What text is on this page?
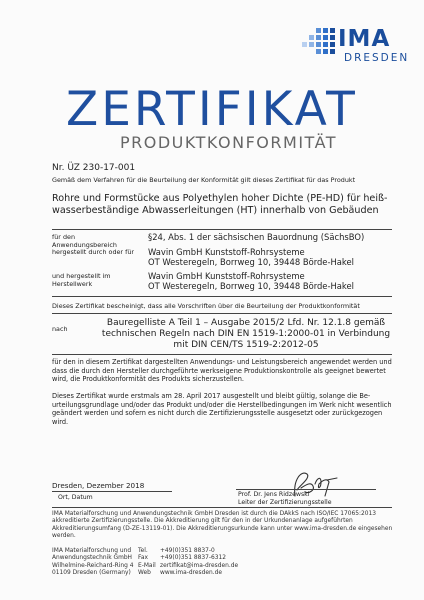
IMA
DRESDEN
ZERTIFIKAT
PRODUKTKONFORMITÄT
Nr. ÜZ 230-17-001
Gemäß dem Verfahren für die Beurteilung der Konformität gilt dieses Zertifikat für das Produkt
Rohre und Formstücke aus Polyethylen hoher Dichte (PE-HD) für heißwasserbeständige Abwasserleitungen (HT) innerhalb von Gebäuden
für den Anwendungsbereich
§24, Abs. 1 der sächsischen Bauordnung (SächsBO)
hergestellt durch oder für	Wavin GmbH Kunststoff-Rohrsysteme
OT Westeregeln, Borrweg 10, 39448 Börde-Hakel
und hergestellt im
Herstellwerk
Wavin GmbH Kunststoff-Rohrsysteme
OT Westeregeln, Borrweg 10, 39448 Börde-Hakel
Dieses Zertifikat bescheinigt, dass alle Vorschriften über die Beurteilung der Produktkonformität
nach
Bauregelliste A Teil 1 – Ausgabe 2015/2 Lfd. Nr. 12.1.8 gemäß technischen Regeln nach DIN EN 1519-1:2000-01 in Verbindung mit DIN CEN/TS 1519-2:2012-05
für den in diesem Zertifikat dargestellten Anwendungs- und Leistungsbereich angewendet werden und dass die durch den Hersteller durchgeführte werkseigene Produktionskontrolle als geeignet bewertet wird, die Produktkonformität des Produkts sicherzustellen.
Dieses Zertifikat wurde erstmals am 28. April 2017 ausgestellt und bleibt gültig, solange die Be-urteilungsgrundlage und/oder das Produkt und/oder die Herstellbedingungen im Werk nicht wesentlich geändert werden und sofern es nicht durch die Zertifizierungsstelle ausgesetzt oder zurückgezogen wird.
Dresden, Dezember 2018
Ort, Datum	Prof. Dr. Jens Ridzewski
Leiter der Zertifizierungsstelle
IMA Materialforschung und Anwendungstechnik GmbH Dresden ist durch die DAkkS nach ISO/IEC 17065:2013 akkreditierte Zertifizierungsstelle. Die Akkreditierung gilt für den in der Urkundenanlage aufgeführten Akkreditierungsumfang (D-ZE-13119-01). Die Akkreditierungsurkunde kann unter www.ima-dresden.de eingesehen werden.
IMA Materialforschung und
Anwendungstechnik GmbH
Wilhelmine-Reichard-Ring 4
01109 Dresden (Germany)
Tel.
Fax
E-Mail
Web
+49(0)351 8837-0
+49(0)351 8837-6312
zertifikat@ima-dresden.de
www.ima-dresden.de
